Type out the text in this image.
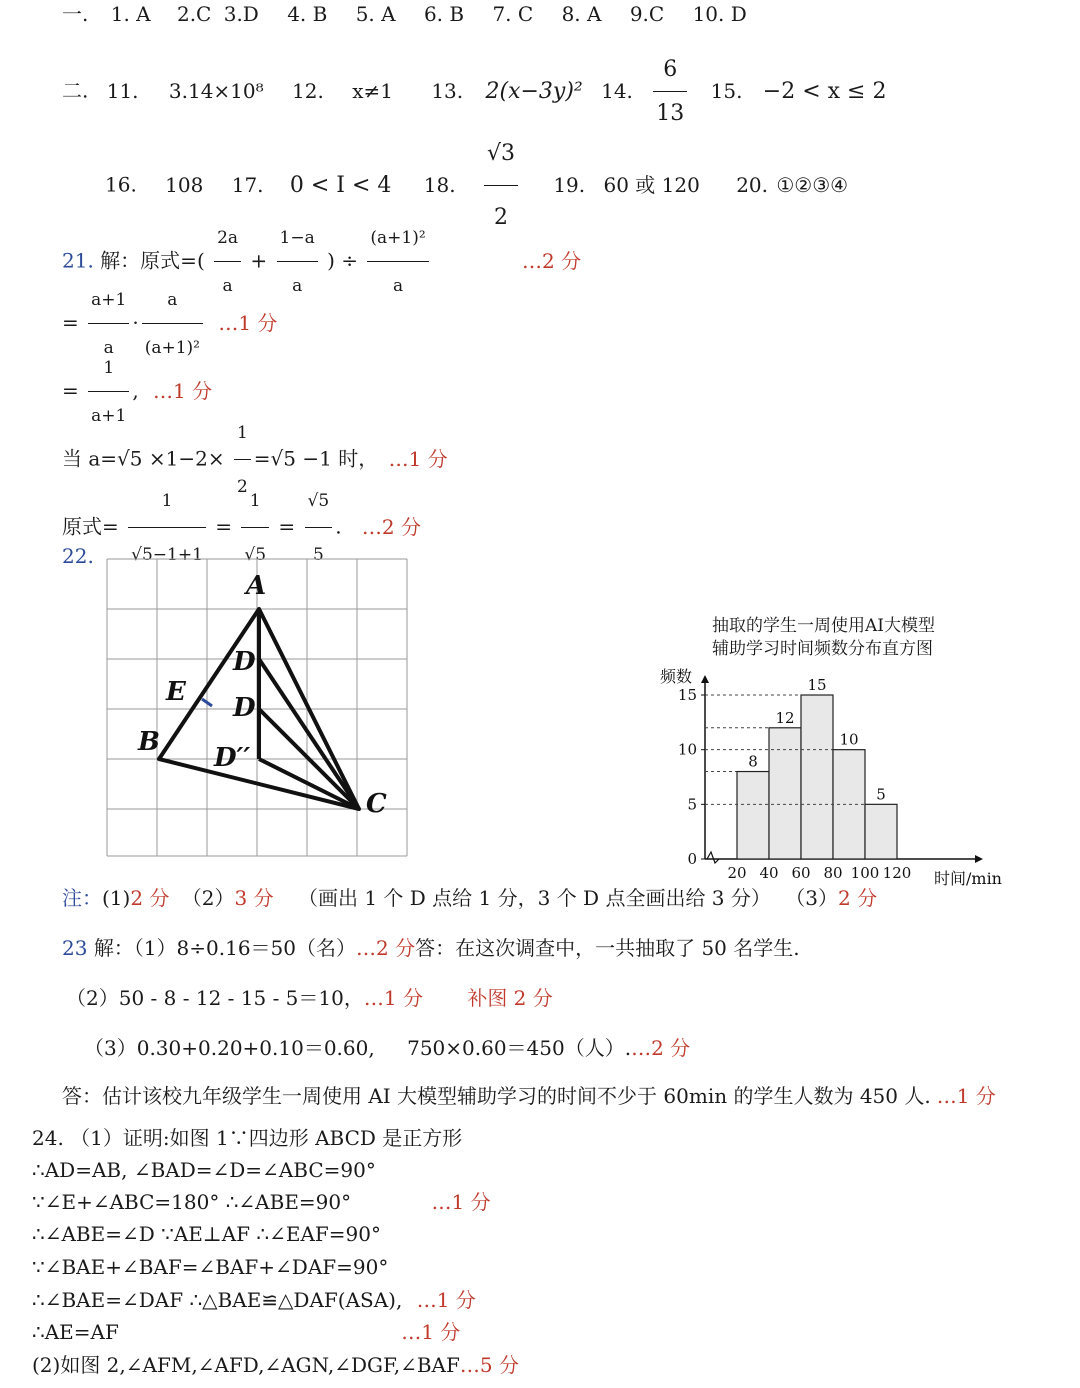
一. 1. A 2.C 3.D 4. B 5. A 6. B 7. C 8. A 9.C 10. D
二. 11. 3.14×10⁸ 12. x≠1 13. 2(x−3y)² 14. $\frac{6}{13} 15$. −2 < x ≤ 2
16. 108 17. 0 < I < 4 18. $\frac{√3}{2} 19$. 60 或 120 20. ①②③④
21. 解：原式=( $\frac{2a}{a} + \frac{1-a}{a}$ ) ÷ $\frac{\text{(a+1)²}}{a}$	…2 分
= $\frac{a+1}{a} \cdot \frac{a}{\text{(a+1)²}}$ …1 分
= $\frac{1}{a+1}$ , …1 分
当 $a=√5 \times 1-2\times \frac{1}{2} =√5 -1$ 时， …1 分
原式= $\frac{1}{√5-1+1} = \frac{1}{√5} = \frac{√5}{5}$ . …2 分
22.
A
D
E
D
B
D′′
C
抽取的学生一周使用AI大模型
辅助学习时间频数分布直方图
频数
时间/min
0
5
10
15
8
12
15
10
5
20 40 60 80 100 120
注：(1)2 分 （2）3 分 （画出 1 个 D 点给 1 分，3 个 D 点全画出给 3 分） （3）2 分
23 解：（1）8÷0.16＝50（名）…2 分答：在这次调查中，一共抽取了 50 名学生.
（2）50 - 8 - 12 - 15 - 5＝10，…1 分 补图 2 分
（3）0.30+0.20+0.10＝0.60, 750×0.60＝450（人）.…2 分
答：估计该校九年级学生一周使用 AI 大模型辅助学习的时间不少于 60min 的学生人数为 450 人. …1 分
24. （1）证明:如图 1∵四边形 ABCD 是正方形
∴AD=AB, ∠BAD=∠D=∠ABC=90°
∵∠E+∠ABC=180° ∴∠ABE=90°	…1 分
∴∠ABE=∠D ∵AE⊥AF ∴∠EAF=90°
∵∠BAE+∠BAF=∠BAF+∠DAF=90°
∴∠BAE=∠DAF ∴△BAE≌△DAF(ASA), …1 分
∴AE=AF	…1 分
(2)如图 2,∠AFM,∠AFD,∠AGN,∠DGF,∠BAF…5 分
